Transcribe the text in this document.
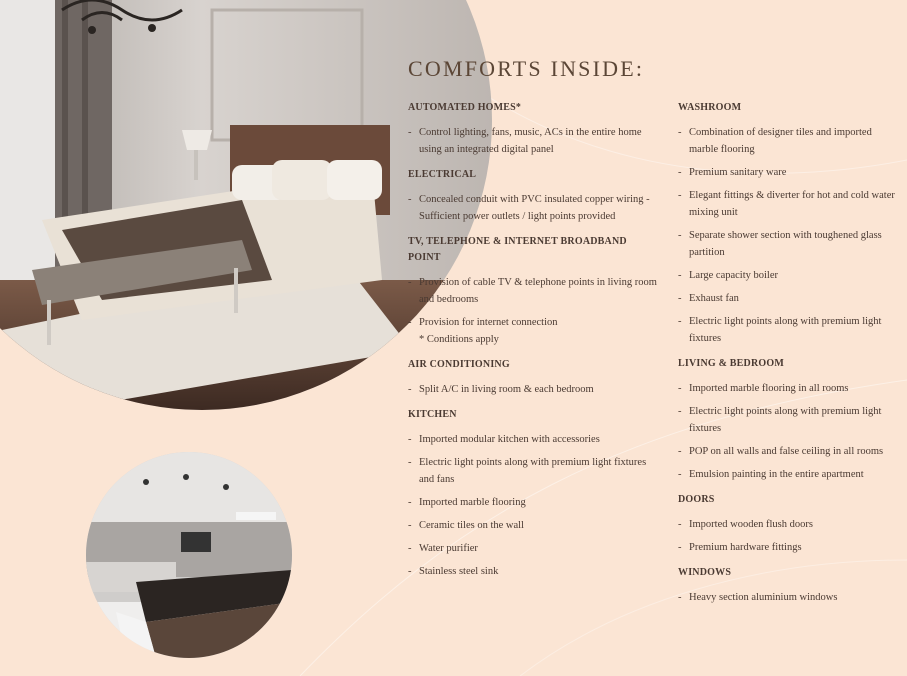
COMFORTS INSIDE:
AUTOMATED HOMES*
- Control lighting, fans, music, ACs in the entire home using an integrated digital panel
ELECTRICAL
- Concealed conduit with PVC insulated copper wiring - Sufficient power outlets / light points provided
TV, TELEPHONE & INTERNET BROADBAND POINT
- Provision of cable TV & telephone points in living room and bedrooms
- Provision for internet connection
* Conditions apply
AIR CONDITIONING
- Split A/C in living room & each bedroom
KITCHEN
- Imported modular kitchen with accessories
- Electric light points along with premium light fixtures and fans
- Imported marble flooring
- Ceramic tiles on the wall
- Water purifier
- Stainless steel sink
WASHROOM
- Combination of designer tiles and imported marble flooring
- Premium sanitary ware
- Elegant fittings & diverter for hot and cold water mixing unit
- Separate shower section with toughened glass partition
- Large capacity boiler
- Exhaust fan
- Electric light points along with premium light fixtures
LIVING & BEDROOM
- Imported marble flooring in all rooms
- Electric light points along with premium light fixtures
- POP on all walls and false ceiling in all rooms
- Emulsion painting in the entire apartment
DOORS
- Imported wooden flush doors
- Premium hardware fittings
WINDOWS
- Heavy section aluminium windows
